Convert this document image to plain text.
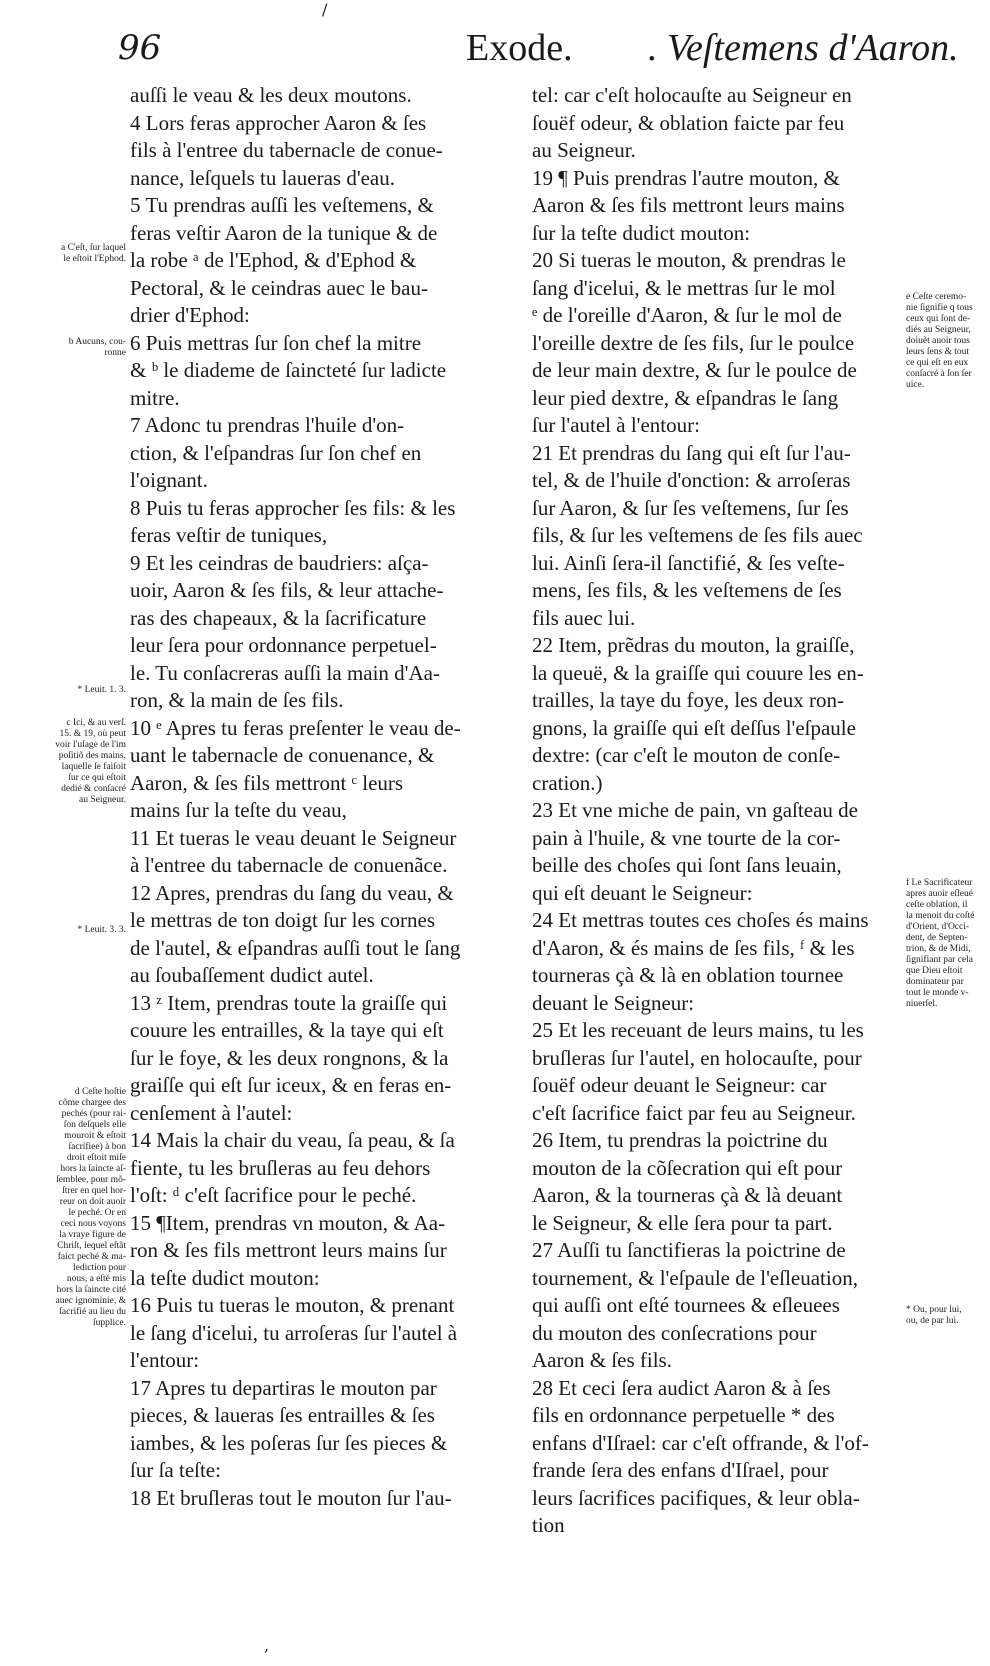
96	Exode. . Veſtemens d'Aaron.
auſſi le veau & les deux moutons.
4 Lors feras approcher Aaron & ſes
fils à l'entree du tabernacle de conue-
nance, leſquels tu laueras d'eau.
5 Tu prendras auſſi les veſtemens, &
feras veſtir Aaron de la tunique & de
la robe ᵃ de l'Ephod, & d'Ephod &
Pectoral, & le ceindras auec le bau-
drier d'Ephod:
6 Puis mettras ſur ſon chef la mitre
& ᵇ le diademe de ſaincteté ſur ladicte
mitre.
7 Adonc tu prendras l'huile d'on-
ction, & l'eſpandras ſur ſon chef en
l'oignant.
8 Puis tu feras approcher ſes fils: & les
feras veſtir de tuniques,
9 Et les ceindras de baudriers: aſça-
uoir, Aaron & ſes fils, & leur attache-
ras des chapeaux, & la ſacrificature
leur ſera pour ordonnance perpetuel-
le. Tu conſacreras auſſi la main d'Aa-
ron, & la main de ſes fils.
10 ᵉ Apres tu feras preſenter le veau de-
uant le tabernacle de conuenance, &
Aaron, & ſes fils mettront ᶜ leurs
mains ſur la teſte du veau,
11 Et tueras le veau deuant le Seigneur
à l'entree du tabernacle de conuenãce.
12 Apres, prendras du ſang du veau, &
le mettras de ton doigt ſur les cornes
de l'autel, & eſpandras auſſi tout le ſang
au ſoubaſſement dudict autel.
13 ᶻ Item, prendras toute la graiſſe qui
couure les entrailles, & la taye qui eſt
ſur le foye, & les deux rongnons, & la
graiſſe qui eſt ſur iceux, & en feras en-
cenſement à l'autel:
14 Mais la chair du veau, ſa peau, & ſa
fiente, tu les bruſleras au feu dehors
l'oſt: ᵈ c'eſt ſacrifice pour le peché.
15 ¶Item, prendras vn mouton, & Aa-
ron & ſes fils mettront leurs mains ſur
la teſte dudict mouton:
16 Puis tu tueras le mouton, & prenant
le ſang d'icelui, tu arroſeras ſur l'autel à
l'entour:
17 Apres tu departiras le mouton par
pieces, & laueras ſes entrailles & ſes
iambes, & les poſeras ſur ſes pieces &
ſur ſa teſte:
18 Et bruſleras tout le mouton ſur l'au-
tel: car c'eſt holocauſte au Seigneur en
ſouëf odeur, & oblation faicte par feu
au Seigneur.
19 ¶ Puis prendras l'autre mouton, &
Aaron & ſes fils mettront leurs mains
ſur la teſte dudict mouton:
20 Si tueras le mouton, & prendras le
ſang d'icelui, & le mettras ſur le mol
ᵉ de l'oreille d'Aaron, & ſur le mol de
l'oreille dextre de ſes fils, ſur le poulce
de leur main dextre, & ſur le poulce de
leur pied dextre, & eſpandras le ſang
ſur l'autel à l'entour:
21 Et prendras du ſang qui eſt ſur l'au-
tel, & de l'huile d'onction: & arroſeras
ſur Aaron, & ſur ſes veſtemens, ſur ſes
fils, & ſur les veſtemens de ſes fils auec
lui. Ainſi ſera-il ſanctifié, & ſes veſte-
mens, ſes fils, & les veſtemens de ſes
fils auec lui.
22 Item, prẽdras du mouton, la graiſſe,
la queuë, & la graiſſe qui couure les en-
trailles, la taye du foye, les deux ron-
gnons, la graiſſe qui eſt deſſus l'eſpaule
dextre: (car c'eſt le mouton de conſe-
cration.)
23 Et vne miche de pain, vn gaſteau de
pain à l'huile, & vne tourte de la cor-
beille des choſes qui ſont ſans leuain,
qui eſt deuant le Seigneur:
24 Et mettras toutes ces choſes és mains
d'Aaron, & és mains de ſes fils, ᶠ & les
tourneras çà & là en oblation tournee
deuant le Seigneur:
25 Et les receuant de leurs mains, tu les
bruſleras ſur l'autel, en holocauſte, pour
ſouëf odeur deuant le Seigneur: car
c'eſt ſacrifice faict par feu au Seigneur.
26 Item, tu prendras la poictrine du
mouton de la cõſecration qui eſt pour
Aaron, & la tourneras çà & là deuant
le Seigneur, & elle ſera pour ta part.
27 Auſſi tu ſanctifieras la poictrine de
tournement, & l'eſpaule de l'eſleuation,
qui auſſi ont eſté tournees & eſleuees
du mouton des conſecrations pour
Aaron & ſes fils.
28 Et ceci ſera audict Aaron & à ſes
fils en ordonnance perpetuelle * des
enfans d'Iſrael: car c'eſt offrande, & l'of-
frande ſera des enfans d'Iſrael, pour
leurs ſacrifices pacifiques, & leur obla-
tion
a C'eſt, ſur laquel
le eſtoit l'Ephod.
b Aucuns, cou-
ronne
* Leuit. 1. 3.
c Ici, & au verſ.
15. & 19, où peut
voir l'uſage de l'im
poſitiõ des mains,
laquelle ſe faiſoit
ſur ce qui eſtoit
dedié & conſacré
au Seigneur.
* Leuit. 3. 3.
d Ceſte hoſtie
cõme chargee des
pechés (pour rai-
ſon deſquels elle
mouroit & eſtoit
ſacrifiee) à bon
droit eſtoit miſe
hors la ſaincte aſ-
ſemblee, pour mõ-
ſtrer en quel hor-
reur on doit auoir
le peché. Or en
ceci nous voyons
la vraye figure de
Chriſt, lequel eſtãt
faict peché & ma-
lediction pour
nous, a eſté mis
hors la ſaincte cité
auec ignominie, &
ſacrifié au lieu du
ſupplice.
e Ceſte ceremo-
nie ſignifie q tous
ceux qui ſont de-
diés au Seigneur,
doiuẽt auoir tous
leurs ſens & tout
ce qui eſt en eux
conſacré à ſon ſer
uice.
f Le Sacrificateur
apres auoir eſleué
ceſte oblation, il
la menoit du coſté
d'Orient, d'Occi-
dent, de Septen-
trion, & de Midi,
ſignifiant par cela
que Dieu eſtoit
dominateur par
tout le monde v-
niuerſel.
* Ou, pour lui,
ou, de par lui.
/
,
